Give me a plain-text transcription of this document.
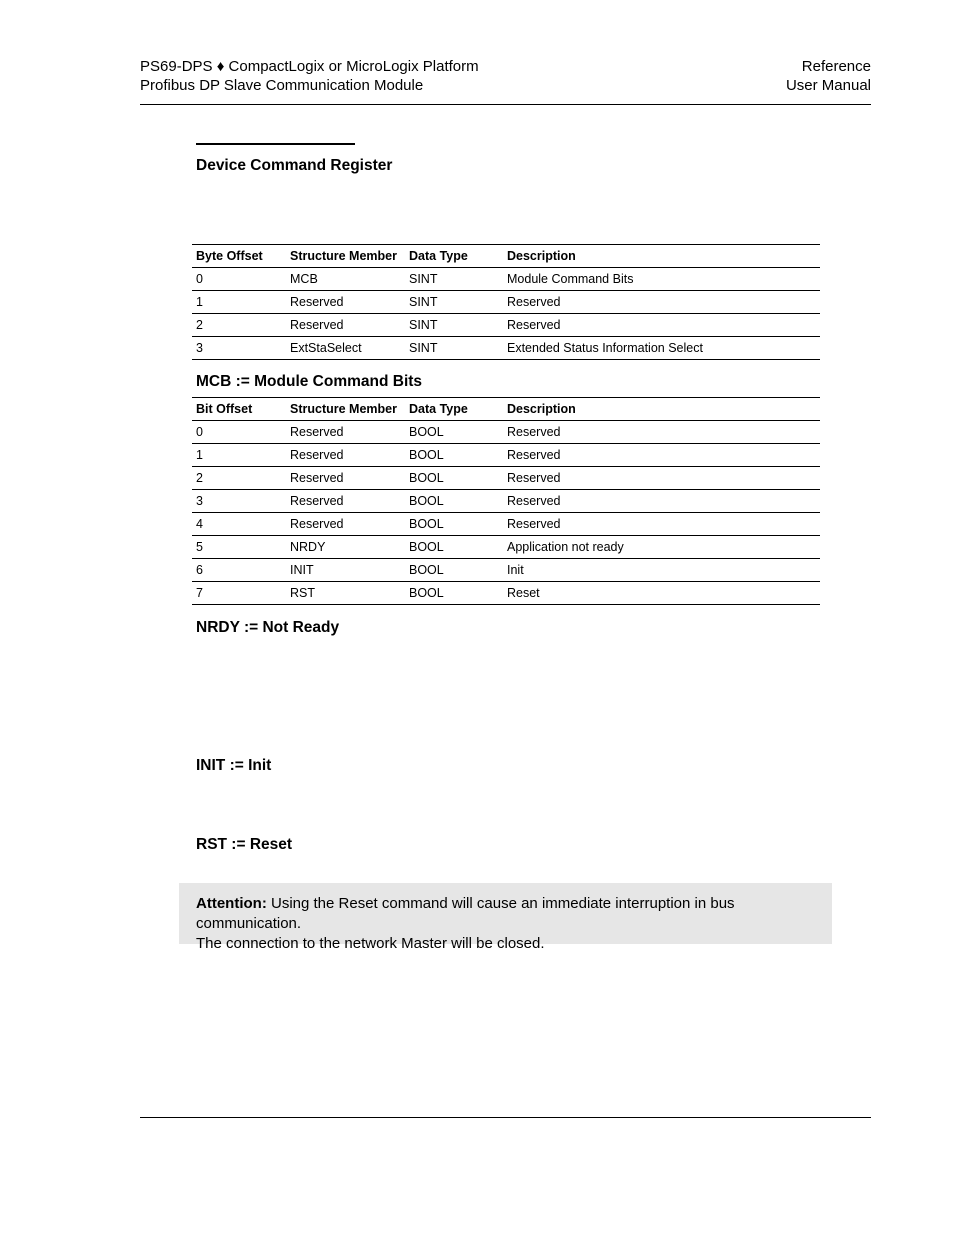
PS69-DPS ♦ CompactLogix or MicroLogix Platform
Profibus DP Slave Communication Module
Reference
User Manual
Device Command Register
Byte Offset	Structure Member	Data Type	Description
0	MCB	SINT	Module Command Bits
1	Reserved	SINT	Reserved
2	Reserved	SINT	Reserved
3	ExtStaSelect	SINT	Extended Status Information Select
MCB := Module Command Bits
Bit Offset	Structure Member	Data Type	Description
0	Reserved	BOOL	Reserved
1	Reserved	BOOL	Reserved
2	Reserved	BOOL	Reserved
3	Reserved	BOOL	Reserved
4	Reserved	BOOL	Reserved
5	NRDY	BOOL	Application not ready
6	INIT	BOOL	Init
7	RST	BOOL	Reset
NRDY := Not Ready
INIT := Init
RST := Reset
Attention: Using the Reset command will cause an immediate interruption in bus communication.
The connection to the network Master will be closed.
